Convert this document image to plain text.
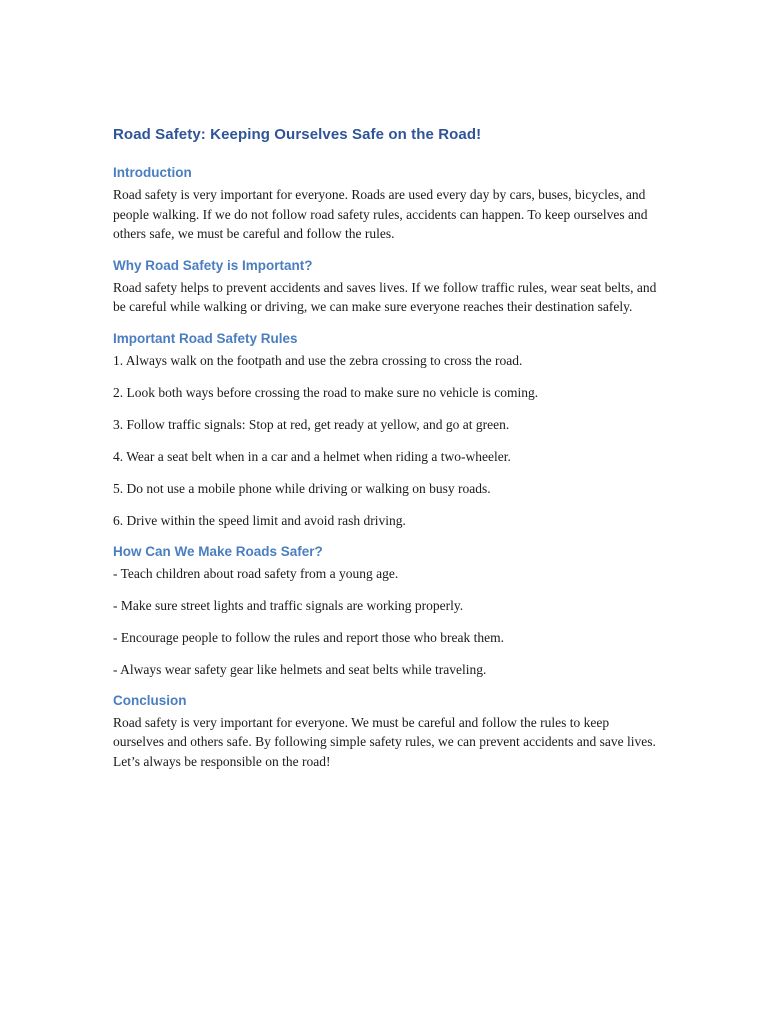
Road Safety: Keeping Ourselves Safe on the Road!
Introduction

Road safety is very important for everyone. Roads are used every day by cars, buses, bicycles, and people walking. If we do not follow road safety rules, accidents can happen. To keep ourselves and others safe, we must be careful and follow the rules.

Why Road Safety is Important?

Road safety helps to prevent accidents and saves lives. If we follow traffic rules, wear seat belts, and be careful while walking or driving, we can make sure everyone reaches their destination safely.

Important Road Safety Rules
1. Always walk on the footpath and use the zebra crossing to cross the road.
2. Look both ways before crossing the road to make sure no vehicle is coming.
3. Follow traffic signals: Stop at red, get ready at yellow, and go at green.
4. Wear a seat belt when in a car and a helmet when riding a two-wheeler.
5. Do not use a mobile phone while driving or walking on busy roads.
6. Drive within the speed limit and avoid rash driving.
How Can We Make Roads Safer?
- Teach children about road safety from a young age.
- Make sure street lights and traffic signals are working properly.
- Encourage people to follow the rules and report those who break them.
- Always wear safety gear like helmets and seat belts while traveling.
Conclusion

Road safety is very important for everyone. We must be careful and follow the rules to keep ourselves and others safe. By following simple safety rules, we can prevent accidents and save lives. Let’s always be responsible on the road!
